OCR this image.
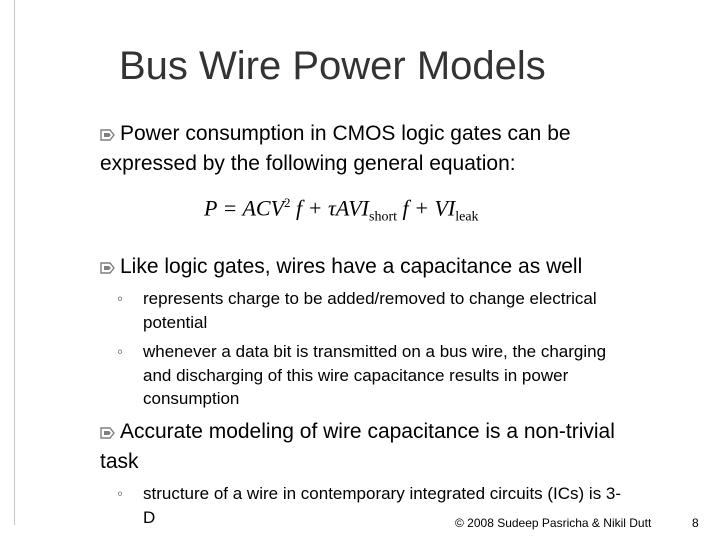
Bus Wire Power Models
Power consumption in CMOS logic gates can be
expressed by the following general equation:
$P = ACV^2$ f + τAVI$_{short}$ $f + VI_{leak}$
Like logic gates, wires have a capacitance as well
◦	represents charge to be added/removed to change electrical
potential
◦	whenever a data bit is transmitted on a bus wire, the charging
and discharging of this wire capacitance results in power
consumption
Accurate modeling of wire capacitance is a non-trivial
task
◦	structure of a wire in contemporary integrated circuits (ICs) is 3-
D	© 2008 Sudeep Pasricha & Nikil Dutt	8
